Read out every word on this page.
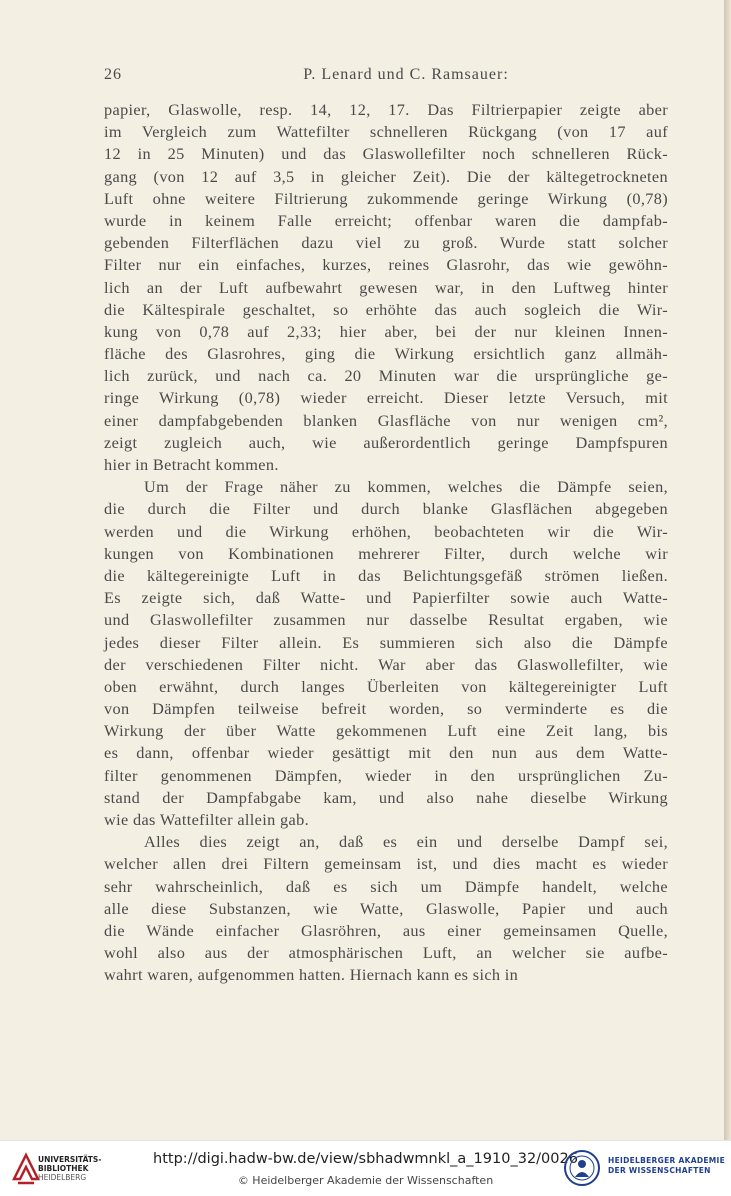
26	P. Lenard und C. Ramsauer:
papier, Glaswolle, resp. 14, 12, 17. Das Filtrierpapier zeigte aber
im Vergleich zum Wattefilter schnelleren Rückgang (von 17 auf
12 in 25 Minuten) und das Glaswollefilter noch schnelleren Rück-
gang (von 12 auf 3,5 in gleicher Zeit). Die der kältegetrockneten
Luft ohne weitere Filtrierung zukommende geringe Wirkung (0,78)
wurde in keinem Falle erreicht; offenbar waren die dampfab-
gebenden Filterflächen dazu viel zu groß. Wurde statt solcher
Filter nur ein einfaches, kurzes, reines Glasrohr, das wie gewöhn-
lich an der Luft aufbewahrt gewesen war, in den Luftweg hinter
die Kältespirale geschaltet, so erhöhte das auch sogleich die Wir-
kung von 0,78 auf 2,33; hier aber, bei der nur kleinen Innen-
fläche des Glasrohres, ging die Wirkung ersichtlich ganz allmäh-
lich zurück, und nach ca. 20 Minuten war die ursprüngliche ge-
ringe Wirkung (0,78) wieder erreicht. Dieser letzte Versuch, mit
einer dampfabgebenden blanken Glasfläche von nur wenigen cm²,
zeigt zugleich auch, wie außerordentlich geringe Dampfspuren
hier in Betracht kommen.
Um der Frage näher zu kommen, welches die Dämpfe seien,
die durch die Filter und durch blanke Glasflächen abgegeben
werden und die Wirkung erhöhen, beobachteten wir die Wir-
kungen von Kombinationen mehrerer Filter, durch welche wir
die kältegereinigte Luft in das Belichtungsgefäß strömen ließen.
Es zeigte sich, daß Watte- und Papierfilter sowie auch Watte-
und Glaswollefilter zusammen nur dasselbe Resultat ergaben, wie
jedes dieser Filter allein. Es summieren sich also die Dämpfe
der verschiedenen Filter nicht. War aber das Glaswollefilter, wie
oben erwähnt, durch langes Überleiten von kältegereinigter Luft
von Dämpfen teilweise befreit worden, so verminderte es die
Wirkung der über Watte gekommenen Luft eine Zeit lang, bis
es dann, offenbar wieder gesättigt mit den nun aus dem Watte-
filter genommenen Dämpfen, wieder in den ursprünglichen Zu-
stand der Dampfabgabe kam, und also nahe dieselbe Wirkung
wie das Wattefilter allein gab.
Alles dies zeigt an, daß es ein und derselbe Dampf sei,
welcher allen drei Filtern gemeinsam ist, und dies macht es wieder
sehr wahrscheinlich, daß es sich um Dämpfe handelt, welche
alle diese Substanzen, wie Watte, Glaswolle, Papier und auch
die Wände einfacher Glasröhren, aus einer gemeinsamen Quelle,
wohl also aus der atmosphärischen Luft, an welcher sie aufbe-
wahrt waren, aufgenommen hatten. Hiernach kann es sich in
UNIVERSITÄTS-
BIBLIOTHEK
HEIDELBERG
http://digi.hadw-bw.de/view/sbhadwmnkl_a_1910_32/0026
© Heidelberger Akademie der Wissenschaften
HEIDELBERGER AKADEMIE
DER WISSENSCHAFTEN
